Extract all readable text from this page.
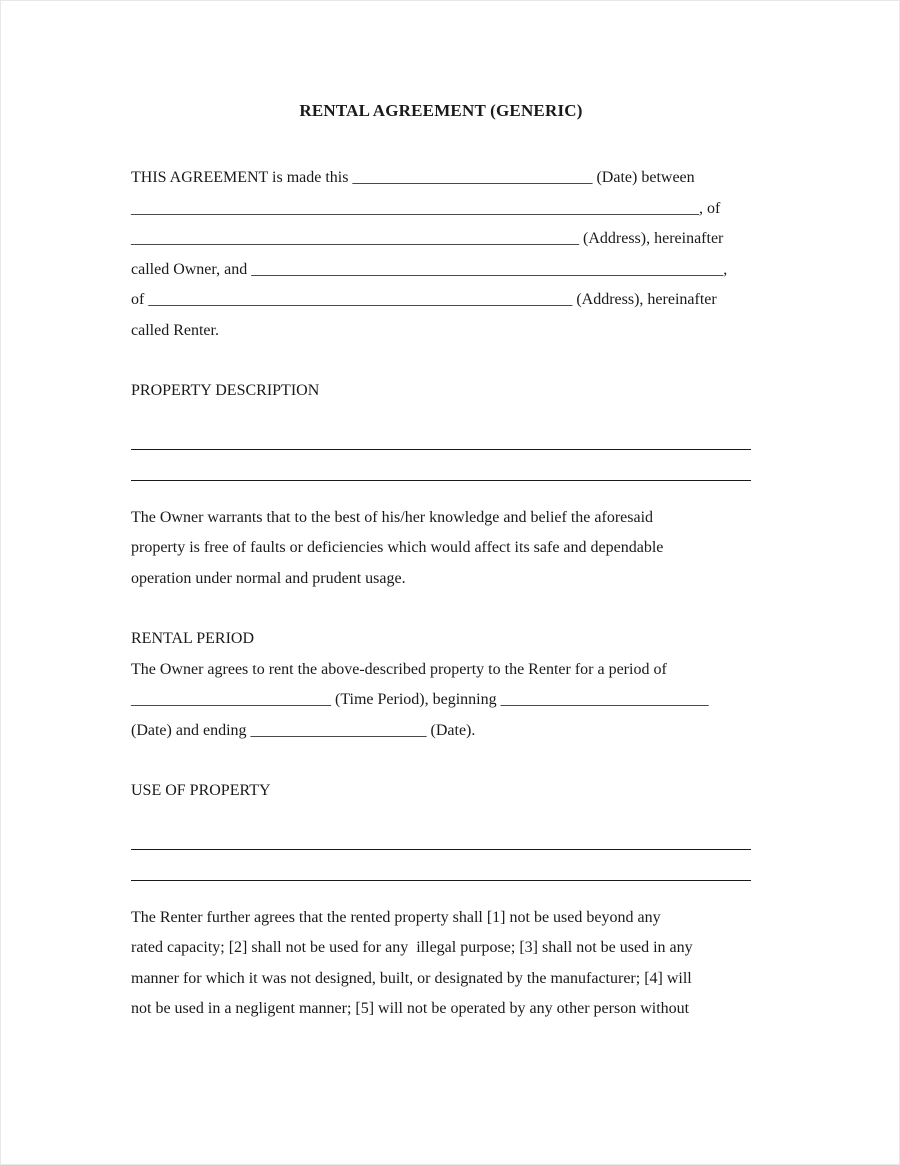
RENTAL AGREEMENT (GENERIC)
THIS AGREEMENT is made this ______________________________ (Date) between
_______________________________________________________________________, of
________________________________________________________ (Address), hereinafter
called Owner, and ___________________________________________________________,
of _____________________________________________________ (Address), hereinafter
called Renter.
PROPERTY DESCRIPTION
The Owner warrants that to the best of his/her knowledge and belief the aforesaid
property is free of faults or deficiencies which would affect its safe and dependable
operation under normal and prudent usage.
RENTAL PERIOD
The Owner agrees to rent the above-described property to the Renter for a period of
_________________________ (Time Period), beginning __________________________
(Date) and ending ______________________ (Date).
USE OF PROPERTY
The Renter further agrees that the rented property shall [1] not be used beyond any
rated capacity; [2] shall not be used for any  illegal purpose; [3] shall not be used in any
manner for which it was not designed, built, or designated by the manufacturer; [4] will
not be used in a negligent manner; [5] will not be operated by any other person without
